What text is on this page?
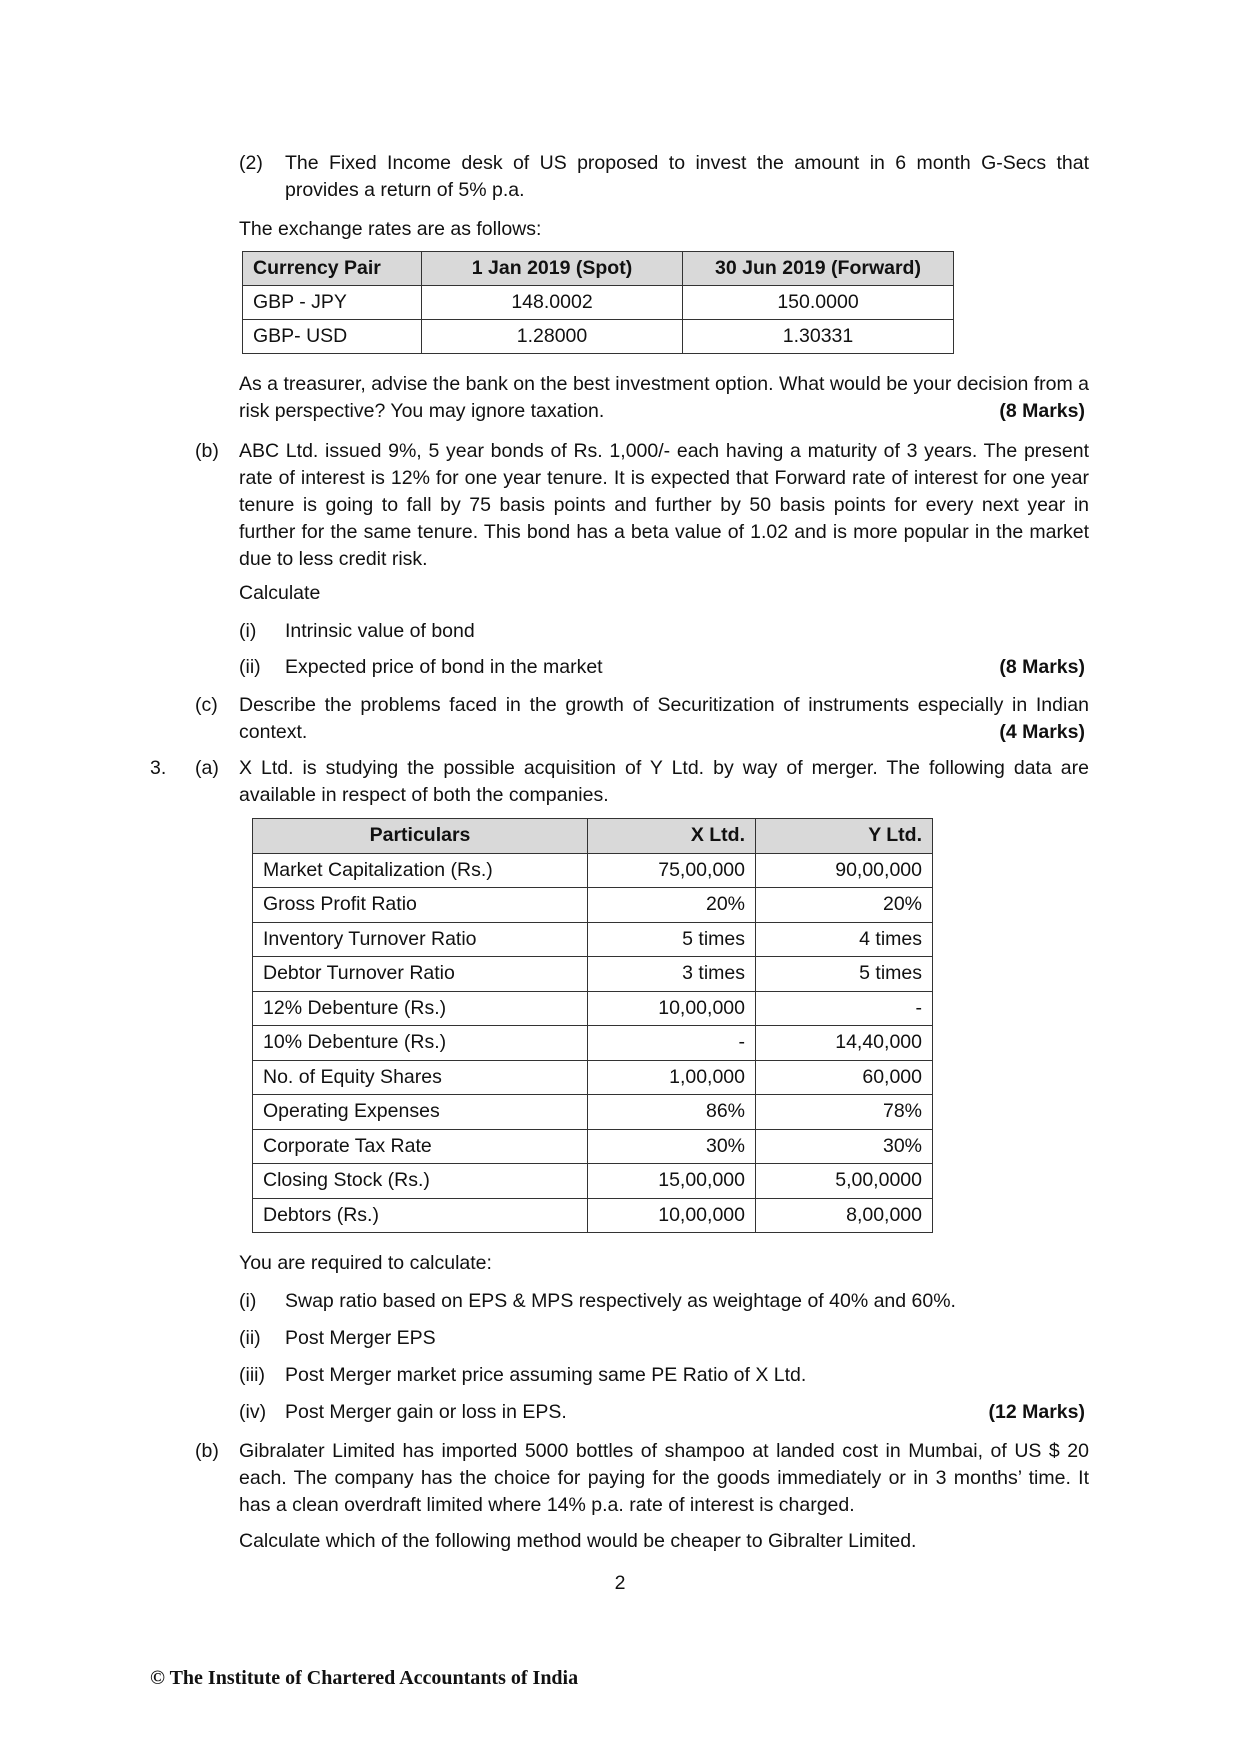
(2) The Fixed Income desk of US proposed to invest the amount in 6 month G-Secs that provides a return of 5% p.a.
The exchange rates are as follows:
Currency Pair	1 Jan 2019 (Spot)	30 Jun 2019 (Forward)
GBP - JPY	148.0002	150.0000
GBP- USD	1.28000	1.30331
As a treasurer, advise the bank on the best investment option. What would be your decision from a risk perspective? You may ignore taxation.	(8 Marks)
(b) ABC Ltd. issued 9%, 5 year bonds of Rs. 1,000/- each having a maturity of 3 years. The present rate of interest is 12% for one year tenure. It is expected that Forward rate of interest for one year tenure is going to fall by 75 basis points and further by 50 basis points for every next year in further for the same tenure. This bond has a beta value of 1.02 and is more popular in the market due to less credit risk.
Calculate
(i) Intrinsic value of bond
(ii) Expected price of bond in the market	(8 Marks)
(c) Describe the problems faced in the growth of Securitization of instruments especially in Indian context.	(4 Marks)
3. (a) X Ltd. is studying the possible acquisition of Y Ltd. by way of merger. The following data are available in respect of both the companies.
Particulars	X Ltd.	Y Ltd.
Market Capitalization (Rs.)	75,00,000	90,00,000
Gross Profit Ratio	20%	20%
Inventory Turnover Ratio	5 times	4 times
Debtor Turnover Ratio	3 times	5 times
12% Debenture (Rs.)	10,00,000	-
10% Debenture (Rs.)	-	14,40,000
No. of Equity Shares	1,00,000	60,000
Operating Expenses	86%	78%
Corporate Tax Rate	30%	30%
Closing Stock (Rs.)	15,00,000	5,00,0000
Debtors (Rs.)	10,00,000	8,00,000
You are required to calculate:
(i) Swap ratio based on EPS & MPS respectively as weightage of 40% and 60%.
(ii) Post Merger EPS
(iii) Post Merger market price assuming same PE Ratio of X Ltd.
(iv) Post Merger gain or loss in EPS.	(12 Marks)
(b) Gibralater Limited has imported 5000 bottles of shampoo at landed cost in Mumbai, of US $ 20 each. The company has the choice for paying for the goods immediately or in 3 months’ time. It has a clean overdraft limited where 14% p.a. rate of interest is charged.
Calculate which of the following method would be cheaper to Gibralter Limited.
2
© The Institute of Chartered Accountants of India
